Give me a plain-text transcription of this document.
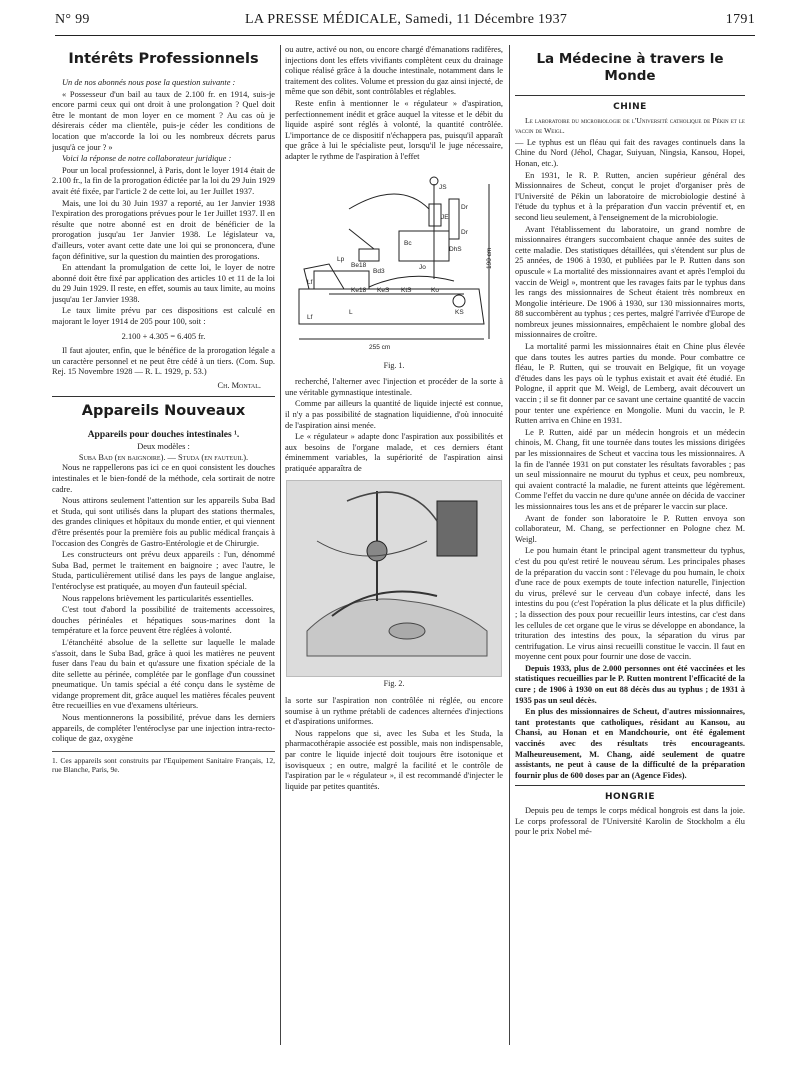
N° 99	LA PRESSE MÉDICALE, Samedi, 11 Décembre 1937	1791
Intérêts Professionnels

Un de nos abonnés nous pose la question suivante :

« Possesseur d'un bail au taux de 2.100 fr. en 1914, suis-je encore parmi ceux qui ont droit à une prolongation ? Quel doit être le montant de mon loyer en ce moment ? Au cas où je désirerais céder ma clientèle, puis-je céder les conditions de location que m'accorde la loi ou les nombreux décrets parus jusqu'à ce jour ? »

Voici la réponse de notre collaborateur juridique :

Pour un local professionnel, à Paris, dont le loyer 1914 était de 2.100 fr., la fin de la prorogation édictée par la loi du 29 Juin 1929 avait été fixée, par l'article 2 de cette loi, au 1er Juillet 1937.

Mais, une loi du 30 Juin 1937 a reporté, au 1er Janvier 1938 l'expiration des prorogations prévues pour le 1er Juillet 1937. Il en résulte que notre abonné est en droit de bénéficier de la prorogation jusqu'au 1er Janvier 1938. Le législateur va, d'ailleurs, voter avant cette date une loi qui se prononcera, d'une façon définitive, sur la question du maintien des prorogations.

En attendant la promulgation de cette loi, le loyer de notre abonné doit être fixé par application des articles 10 et 11 de la loi du 29 Juin 1929. Il reste, en effet, soumis au taux limite, au moins jusqu'au 1er Janvier 1938.

Le taux limite prévu par ces dispositions est calculé en majorant le loyer 1914 de 205 pour 100, soit :

2.100 + 4.305 = 6.405 fr.

Il faut ajouter, enfin, que le bénéfice de la prorogation légale a un caractère personnel et ne peut être cédé à un tiers. (Com. Sup. Rej. 15 Novembre 1928 — R. L. 1929, p. 53.)

Ch. Montal.
Appareils Nouveaux
Appareils pour douches intestinales ¹.
Deux modèles :
Suba Bad (en baignoire). — Studa (en fauteuil).

Nous ne rappellerons pas ici ce en quoi consistent les douches intestinales et le bien-fondé de la méthode, cela sortirait de notre cadre.

Nous attirons seulement l'attention sur les appareils Suba Bad et Studa, qui sont utilisés dans la plupart des stations thermales, des grandes cliniques et hôpitaux du monde entier, et qui viennent d'être présentés pour la première fois au public médical français à l'occasion des Congrès de Gastro-Entérologie et de Chirurgie.

Les constructeurs ont prévu deux appareils : l'un, dénommé Suba Bad, permet le traitement en baignoire ; avec l'autre, le Studa, particulièrement utilisé dans les pays de langue anglaise, l'entéroclyse est pratiquée, au moyen d'un fauteuil spécial.

Nous rappelons brièvement les particularités essentielles.

C'est tout d'abord la possibilité de traitements accessoires, douches périnéales et hépatiques sous-marines dont la température et la force peuvent être réglées à volonté.

L'étanchéité absolue de la sellette sur laquelle le malade s'assoit, dans le Suba Bad, grâce à quoi les matières ne peuvent fuser dans l'eau du bain et qu'assure une fixation spéciale de la dite sellette au périnée, complétée par le gonflage d'un coussinet pneumatique. Un tamis spécial a été conçu dans le système de vidange proprement dit, grâce auquel les matières fécales peuvent être recueillies en vue d'examens ultérieurs.

Nous mentionnerons la possibilité, prévue dans les derniers appareils, de compléter l'entéroclyse par une injection intra-recto-colique de gaz, oxygène

1. Ces appareils sont construits par l'Equipement Sanitaire Français, 12, rue Blanche, Paris, 9e.

ou autre, activé ou non, ou encore chargé d'émanations radifères, injections dont les effets vivifiants complètent ceux du drainage colique réalisé grâce à la douche intestinale, notamment dans le traitement des colites. Volume et pression du gaz ainsi injecté, de même que son débit, sont contrôlables et réglables.

Reste enfin à mentionner le « régulateur » d'aspiration, perfectionnement inédit et grâce auquel la vitesse et le débit du liquide aspiré sont réglés à volonté, la quantité contrôlée. L'importance de ce dispositif n'échappera pas, puisqu'il apparaît que grâce à lui le spécialiste peut, lorsqu'il le juge nécessaire, adapter le rythme de l'aspiration à l'effet

JS
JE
Dr
Dr
DhS
Lp
Be18
Bc
Bd3
Jo
Ke18 KeS KtS	Ko
KS
Lf
L
Lf
255 cm
190 cm
Fig. 1.

recherché, l'alterner avec l'injection et procéder de la sorte à une véritable gymnastique intestinale.

Comme par ailleurs la quantité de liquide injecté est connue, il n'y a pas possibilité de stagnation liquidienne, d'où innocuité de l'aspiration ainsi menée.

Le « régulateur » adapte donc l'aspiration aux possibilités et aux besoins de l'organe malade, et ces derniers étant éminemment variables, la supériorité de l'aspiration ainsi pratiquée apparaîtra de

Fig. 2.

la sorte sur l'aspiration non contrôlée ni réglée, ou encore soumise à un rythme prétabli de cadences alternées d'injections et d'aspirations uniformes.

Nous rappelons que si, avec les Suba et les Studa, la pharmacothérapie associée est possible, mais non indispensable, par contre le liquide injecté doit toujours être isotonique et isovisqueux ; en outre, malgré la facilité et le contrôle de l'aspiration par le « régulateur », il est recommandé d'injecter le liquide par petites quantités.

La Médecine à travers le Monde
CHINE

Le laboratoire du microbiologie de l'Université catholique de Pékin et le vaccin de Weigl.

— Le typhus est un fléau qui fait des ravages continuels dans la Chine du Nord (Jéhol, Chagar, Suiyuan, Ningsia, Kansou, Hopei, Honan, etc.).

En 1931, le R. P. Rutten, ancien supérieur général des Missionnaires de Scheut, conçut le projet d'organiser près de l'Université de Pékin un laboratoire de microbiologie destiné à l'étude du typhus et à la préparation d'un vaccin préventif et, en second lieu seulement, à l'enseignement de la microbiologie.

Avant l'établissement du laboratoire, un grand nombre de missionnaires étrangers succombaient chaque année des suites de cette maladie. Des statistiques détaillées, qui s'étendent sur plus de 25 années, de 1906 à 1930, et publiées par le P. Rutten dans son opuscule « La mortalité des missionnaires avant et après l'emploi du vaccin de Weigl », montrent que les ravages faits par le typhus dans les rangs des missionnaires de Scheut étaient très nombreux en Mongolie intérieure. De 1906 à 1930, sur 130 missionnaires morts, 88 succombèrent au typhus ; ces pertes, malgré l'arrivée d'Europe de nombreux jeunes missionnaires, empêchaient le nombre global des missionnaires de croître.

La mortalité parmi les missionnaires était en Chine plus élevée que dans toutes les autres parties du monde. Pour combattre ce fléau, le P. Rutten, qui se trouvait en Belgique, fit un voyage d'études dans les pays où le typhus existait et avait été étudié. En Pologne, il apprit que M. Weigl, de Lemberg, avait découvert un vaccin ; il se fit donner par ce savant une certaine quantité de vaccin pour tenter une expérience en Mongolie. Muni du vaccin, le P. Rutten arriva en Chine en 1931.

Le P. Rutten, aidé par un médecin hongrois et un médecin chinois, M. Chang, fit une tournée dans toutes les missions dirigées par les missionnaires de Scheut et vaccina tous les missionnaires. A la fin de l'année 1931 on put constater les résultats favorables ; pas un seul missionnaire ne mourut du typhus et ceux, peu nombreux, qui avaient contracté la maladie, ne furent atteints que légèrement. Comme l'effet du vaccin ne dure qu'une année on décida de vacciner les missionnaires tous les ans et de préparer le vaccin sur place.

Avant de fonder son laboratoire le P. Rutten envoya son collaborateur, M. Chang, se perfectionner en Pologne chez M. Weigl.

Le pou humain étant le principal agent transmetteur du typhus, c'est du pou qu'est retiré le nouveau sérum. Les principales phases de la préparation du vaccin sont : l'élevage du pou humain, le choix d'une race de poux exempts de toute infection naturelle, l'injection du virus, prélevé sur le cerveau d'un cobaye infecté, dans les intestins du pou (c'est l'opération la plus délicate et la plus difficile) ; la dissection des poux pour recueillir leurs intestins, car c'est dans les cellules de cet organe que le virus se développe en abondance, la trituration des intestins des poux, la séparation du virus par centrifugation. Le virus ainsi recueilli constitue le vaccin. Il faut en moyenne cent poux pour fournir une dose de vaccin.

Depuis 1933, plus de 2.000 personnes ont été vaccinées et les statistiques recueillies par le P. Rutten montrent l'efficacité de la cure ; de 1906 à 1930 on eut 88 décès dus au typhus ; de 1931 à 1935 pas un seul décès.

En plus des missionnaires de Scheut, d'autres missionnaires, tant protestants que catholiques, résidant au Kansou, au Chansi, au Honan et en Mandchourie, ont été également vaccinés avec des résultats très encourageants. Malheureusement, M. Chang, aidé seulement de quatre assistants, ne peut à cause de la difficulté de la préparation fournir plus de 600 doses par an (Agence Fides).

HONGRIE

Depuis peu de temps le corps médical hongrois est dans la joie. Le corps professoral de l'Université Karolin de Stockholm a élu pour le prix Nobel mé-
